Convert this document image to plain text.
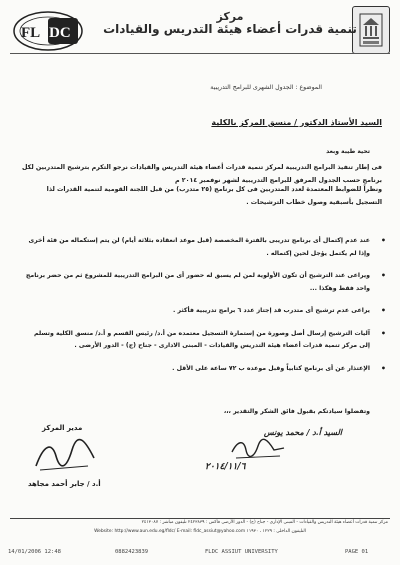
FL DC
مركز
تنمية قدرات أعضاء هيئة التدريس والقيادات
الموضوع : الجدول الشهرى للبرامج التدريبية
السيد الأستاذ الدكتور / منسق المركز بالكلية
تحية طيبة وبعد
فى إطار تنفيذ البرامج التدريبية لمركز تنمية قدرات أعضاء هيئة التدريس والقيادات نرجو التكرم بترشيح المتدربين لكل برنامج حسب الجدول المرفق للبرامج التدريبية لشهر نوفمبر ٢٠١٤ م
ونظراً للضوابط المعتمدة لعدد المتدربين فى كل برنامج (٢٥ متدرب) من قبل اللجنة القومية لتنمية القدرات لذا التسجيل بأسبقية وصول خطاب الترشيحات .
•
عند عدم إكتمال أى برنامج تدريبى بالفترة المخصصة (قبل موعد انعقاده بثلاثة أيام) لن يتم إستكماله من فئة أخرى وإذا لم يكتمل يؤجل لحين إكتماله .
•
ويراعى عند الترشيح أن تكون الأولوية لمن لم يسبق له حضور أى من البرامج التدريبية للمشروع ثم من حضر برنامج واحد فقط وهكذا ...
•
يراعى عدم ترشيح أى متدرب قد إجتاز عدد ٦ برامج تدريبية فأكثر .
•
آليات الترشيح إرسال أصل وصورة من إستمارة التسجيل معتمده من أ.د/ رئيس القسم و أ.د/ منسق الكلية وتسلم إلى مركز تنمية قدرات أعضاء هيئة التدريس والقيادات - المبنى الادارى - جناح (ج) - الدور الأرضى .
•
الإعتذار عن أى برنامج كتابياً وقبل موعده ب ٧٢ ساعة على الأقل .
وتفضلوا سيادتكم بقبول فائق الشكر والتقدير ،،،
مدير المركز
أ.د / جابر أحمد مجاهد
السيد أ.د / محمد يونس
٢٠١٤/١١/٦
مركز تنمية قدرات أعضاء هيئة التدريس والقيادات - المبنى الإدارى - جناح (ج) - الدور الأرضى فاكس : ٢٤٢٣٨٣٩ تليفون مباشر : ٢٤١٣٠٨٧
التليفون الداخلى : ١٢٢٩ ، ١١٩٣٠ Website: http://www.aun.edu.eg/fldc/ E-mail: fldc_assiut@yahoo.com
14/01/2006 12:48	0882423839	FLDC ASSIUT UNIVERSITY	PAGE 01
